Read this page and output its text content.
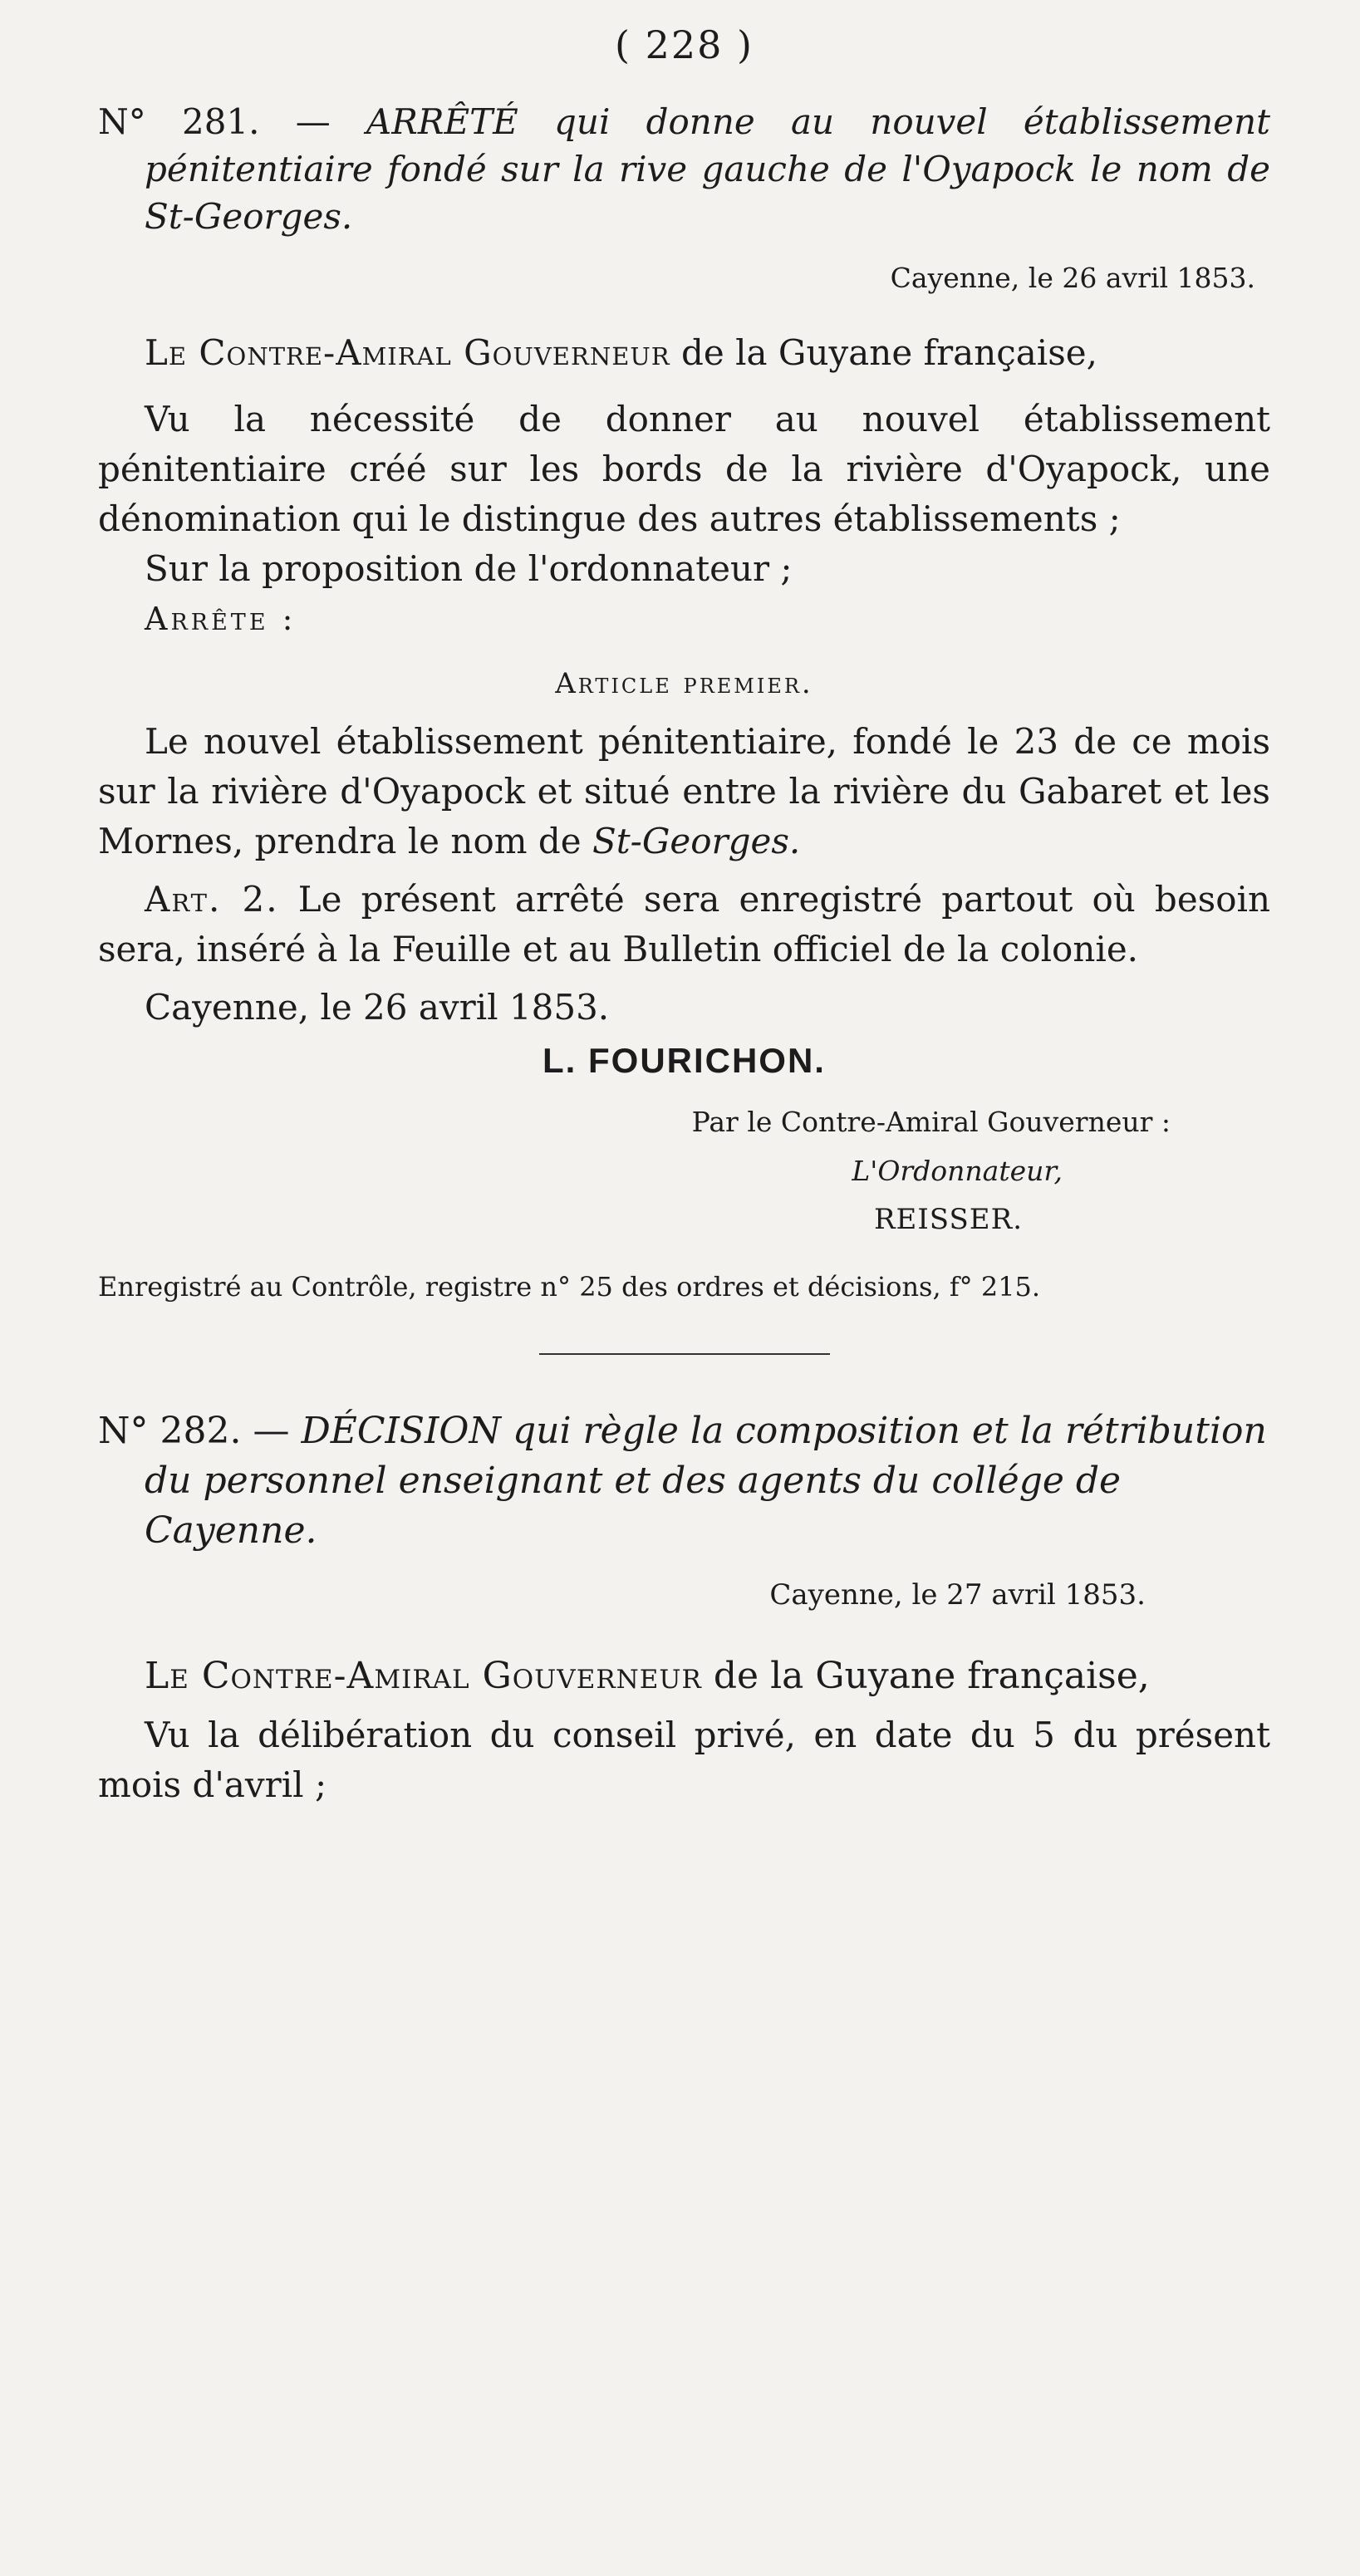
( 228 )
N° 281. — ARRÊTÉ qui donne au nouvel établissement pénitentiaire fondé sur la rive gauche de l'Oyapock le nom de St-Georges.
Cayenne, le 26 avril 1853.
Le Contre-Amiral Gouverneur de la Guyane française,

Vu la nécessité de donner au nouvel établissement pénitentiaire créé sur les bords de la rivière d'Oyapock, une dénomination qui le distingue des autres établissements ;

Sur la proposition de l'ordonnateur ;

Arrête :
Article premier.

Le nouvel établissement pénitentiaire, fondé le 23 de ce mois sur la rivière d'Oyapock et situé entre la rivière du Gabaret et les Mornes, prendra le nom de St-Georges.

Art. 2. Le présent arrêté sera enregistré partout où besoin sera, inséré à la Feuille et au Bulletin officiel de la colonie.

Cayenne, le 26 avril 1853.

L. FOURICHON.
Par le Contre-Amiral Gouverneur :
L'Ordonnateur,
REISSER.
Enregistré au Contrôle, registre n° 25 des ordres et décisions, f° 215.
N° 282. — DÉCISION qui règle la composition et la rétribution du personnel enseignant et des agents du collége de Cayenne.
Cayenne, le 27 avril 1853.
Le Contre-Amiral Gouverneur de la Guyane française,

Vu la délibération du conseil privé, en date du 5 du présent mois d'avril ;
